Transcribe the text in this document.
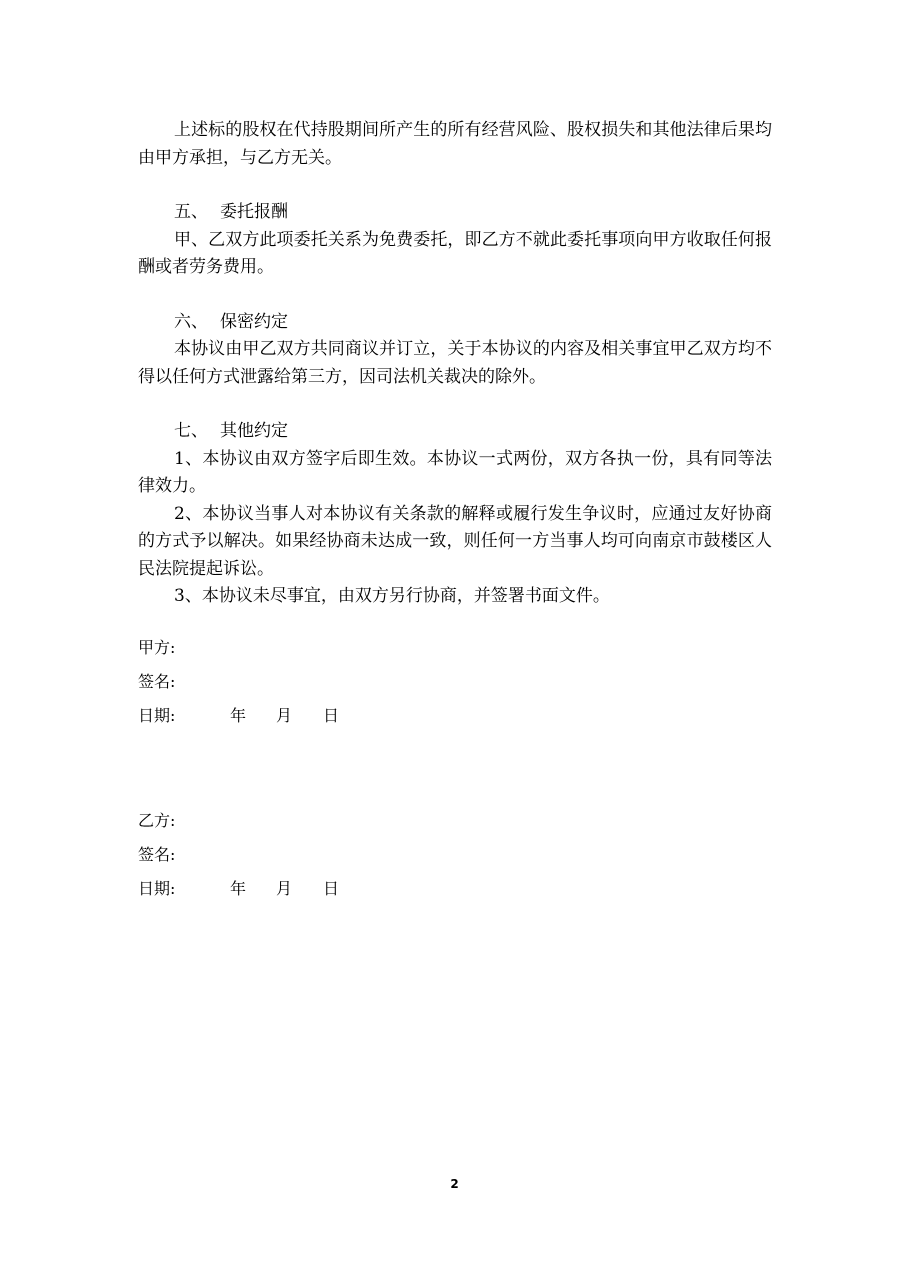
上述标的股权在代持股期间所产生的所有经营风险、股权损失和其他法律后果均由甲方承担，与乙方无关。

五、 委托报酬

甲、乙双方此项委托关系为免费委托，即乙方不就此委托事项向甲方收取任何报酬或者劳务费用。

六、 保密约定

本协议由甲乙双方共同商议并订立，关于本协议的内容及相关事宜甲乙双方均不得以任何方式泄露给第三方，因司法机关裁决的除外。

七、 其他约定

1、本协议由双方签字后即生效。本协议一式两份，双方各执一份，具有同等法律效力。

2、本协议当事人对本协议有关条款的解释或履行发生争议时，应通过友好协商的方式予以解决。如果经协商未达成一致，则任何一方当事人均可向南京市鼓楼区人民法院提起诉讼。

3、本协议未尽事宜，由双方另行协商，并签署书面文件。

甲方:
签名:
日期:	年 月 日
乙方:
签名:
日期:	年 月 日
2
